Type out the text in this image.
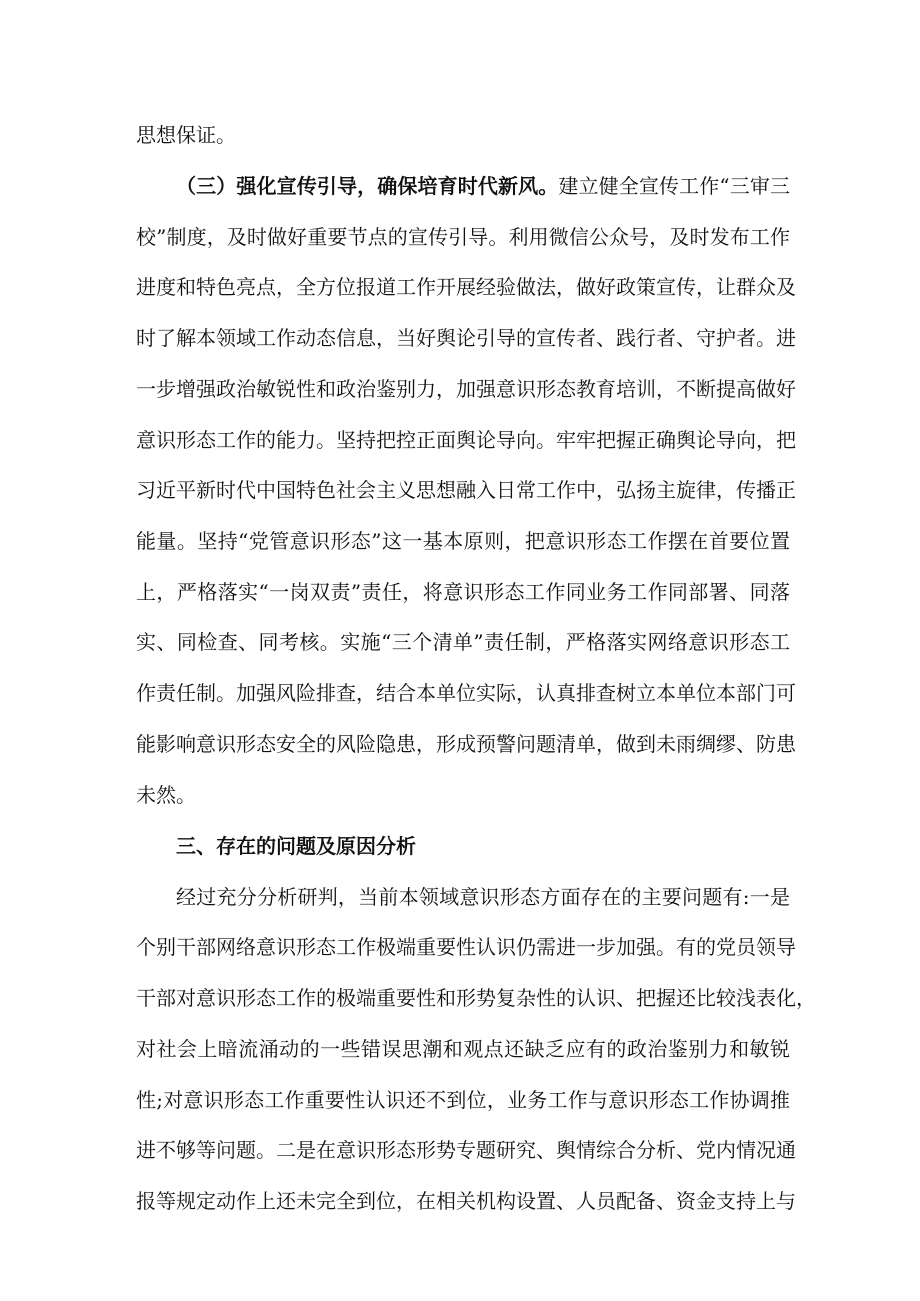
思想保证。
（三）强化宣传引导，确保培育时代新风。建立健全宣传工作“三审三
校”制度，及时做好重要节点的宣传引导。利用微信公众号，及时发布工作
进度和特色亮点，全方位报道工作开展经验做法，做好政策宣传，让群众及
时了解本领域工作动态信息，当好舆论引导的宣传者、践行者、守护者。进
一步增强政治敏锐性和政治鉴别力，加强意识形态教育培训，不断提高做好
意识形态工作的能力。坚持把控正面舆论导向。牢牢把握正确舆论导向，把
习近平新时代中国特色社会主义思想融入日常工作中，弘扬主旋律，传播正
能量。坚持“党管意识形态”这一基本原则，把意识形态工作摆在首要位置
上，严格落实“一岗双责”责任，将意识形态工作同业务工作同部署、同落
实、同检查、同考核。实施“三个清单”责任制，严格落实网络意识形态工
作责任制。加强风险排查，结合本单位实际，认真排查树立本单位本部门可
能影响意识形态安全的风险隐患，形成预警问题清单，做到未雨绸缪、防患
未然。
三、存在的问题及原因分析
经过充分分析研判，当前本领域意识形态方面存在的主要问题有:一是
个别干部网络意识形态工作极端重要性认识仍需进一步加强。有的党员领导
干部对意识形态工作的极端重要性和形势复杂性的认识、把握还比较浅表化，
对社会上暗流涌动的一些错误思潮和观点还缺乏应有的政治鉴别力和敏锐
性;对意识形态工作重要性认识还不到位，业务工作与意识形态工作协调推
进不够等问题。二是在意识形态形势专题研究、舆情综合分析、党内情况通
报等规定动作上还未完全到位，在相关机构设置、人员配备、资金支持上与
